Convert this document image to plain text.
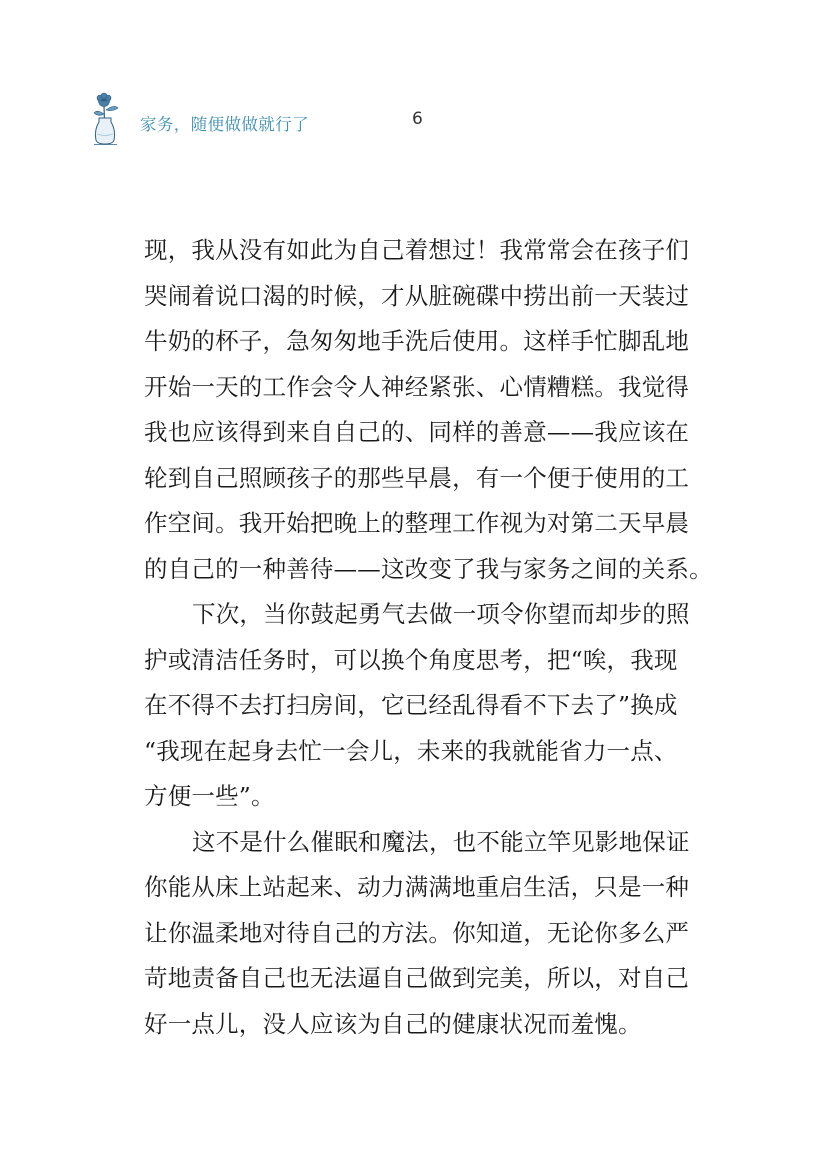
家务，随便做做就行了	6
现，我从没有如此为自己着想过！我常常会在孩子们
哭闹着说口渴的时候，才从脏碗碟中捞出前一天装过
牛奶的杯子，急匆匆地手洗后使用。这样手忙脚乱地
开始一天的工作会令人神经紧张、心情糟糕。我觉得
我也应该得到来自自己的、同样的善意——我应该在
轮到自己照顾孩子的那些早晨，有一个便于使用的工
作空间。我开始把晚上的整理工作视为对第二天早晨
的自己的一种善待——这改变了我与家务之间的关系。
下次，当你鼓起勇气去做一项令你望而却步的照
护或清洁任务时，可以换个角度思考，把“唉，我现
在不得不去打扫房间，它已经乱得看不下去了”换成
“我现在起身去忙一会儿，未来的我就能省力一点、
方便一些”。
这不是什么催眠和魔法，也不能立竿见影地保证
你能从床上站起来、动力满满地重启生活，只是一种
让你温柔地对待自己的方法。你知道，无论你多么严
苛地责备自己也无法逼自己做到完美，所以，对自己
好一点儿，没人应该为自己的健康状况而羞愧。
